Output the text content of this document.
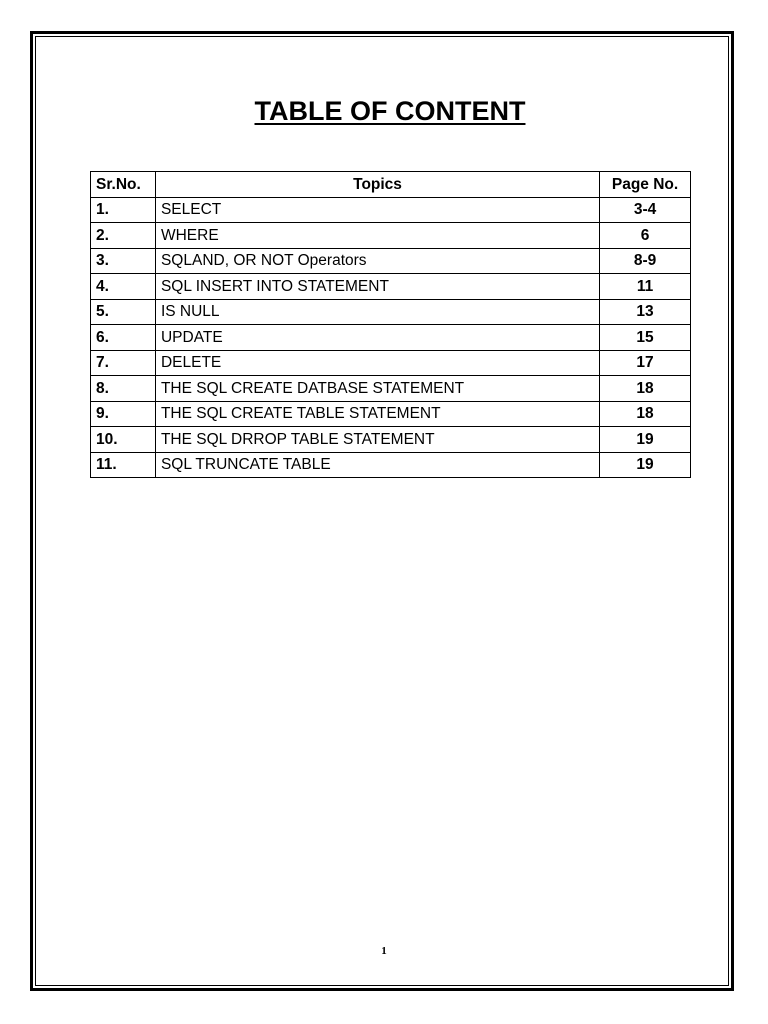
TABLE OF CONTENT
Sr.No.	Topics	Page No.
1.	SELECT	3-4
2.	WHERE	6
3.	SQLAND, OR NOT Operators	8-9
4.	SQL INSERT INTO STATEMENT	11
5.	IS NULL	13
6.	UPDATE	15
7.	DELETE	17
8.	THE SQL CREATE DATBASE STATEMENT	18
9.	THE SQL CREATE TABLE STATEMENT	18
10.	THE SQL DRROP TABLE STATEMENT	19
11.	SQL TRUNCATE TABLE	19
1
